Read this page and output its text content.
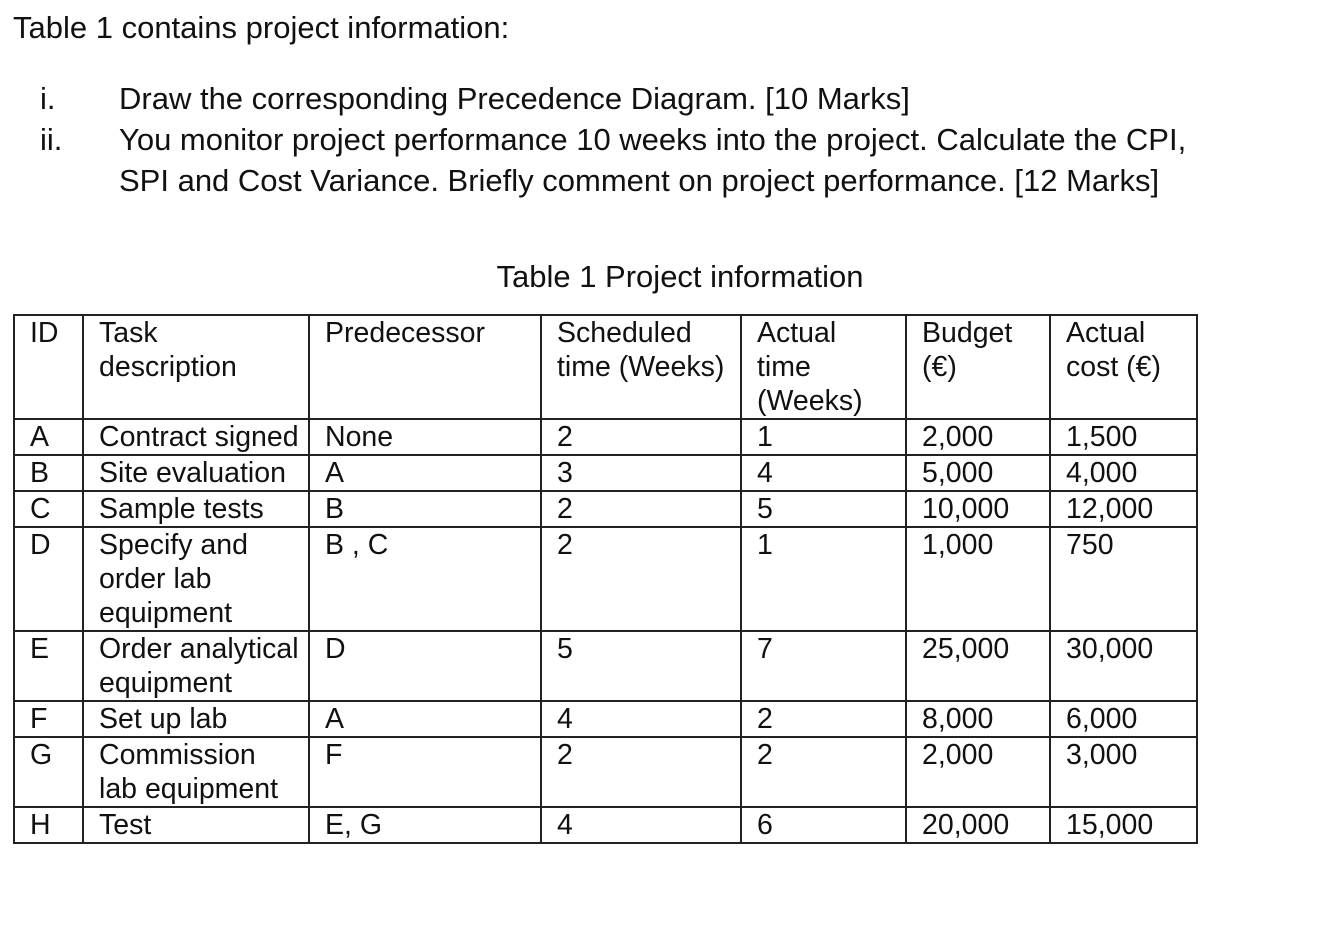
Table 1 contains project information:
i.	Draw the corresponding Precedence Diagram. [10 Marks]
ii. You monitor project performance 10 weeks into the project. Calculate the CPI,
SPI and Cost Variance. Briefly comment on project performance. [12 Marks]
Table 1 Project information
ID	Task description	Predecessor	Scheduled time (Weeks)	Actual time (Weeks)	Budget (€)	Actual cost (€)
A	Contract signed	None	2	1	2,000	1,500
B	Site evaluation	A	3	4	5,000	4,000
C	Sample tests	B	2	5	10,000	12,000
D	Specify and order lab equipment	B , C	2	1	1,000	750
E	Order analytical equipment	D	5	7	25,000	30,000
F	Set up lab	A	4	2	8,000	6,000
G	Commission lab equipment	F	2	2	2,000	3,000
H	Test	E, G	4	6	20,000	15,000
